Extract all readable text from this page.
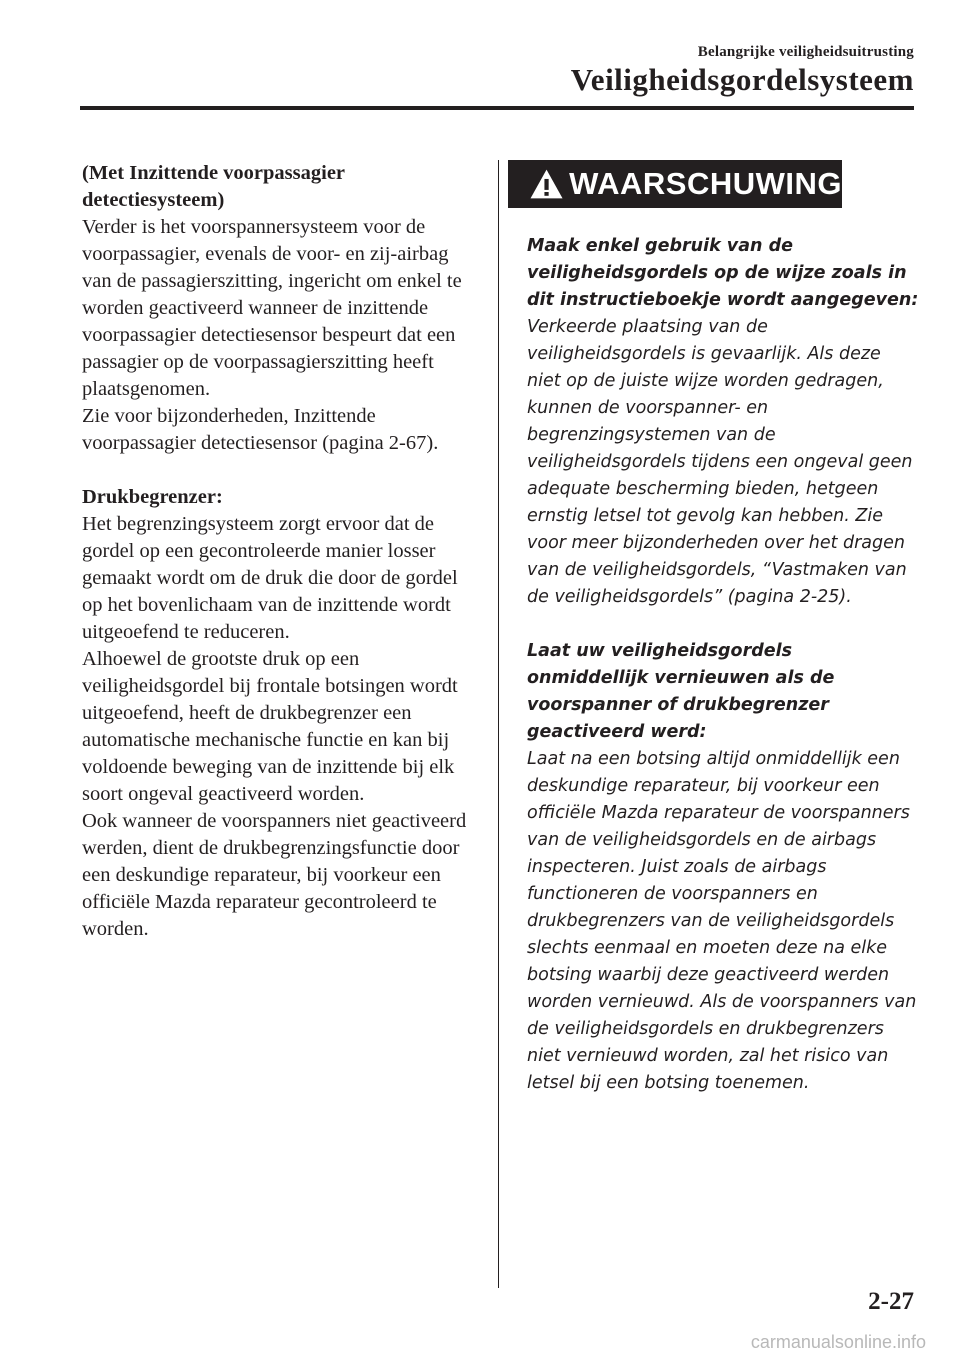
Belangrijke veiligheidsuitrusting
Veiligheidsgordelsysteem

(Met Inzittende voorpassagier detectiesysteem)

Verder is het voorspannersysteem voor de voorpassagier, evenals de voor- en zij-airbag van de passagierszitting, ingericht om enkel te worden geactiveerd wanneer de inzittende voorpassagier detectiesensor bespeurt dat een passagier op de voorpassagierszitting heeft plaatsgenomen.

Zie voor bijzonderheden, Inzittende voorpassagier detectiesensor (pagina 2-67).

Drukbegrenzer:

Het begrenzingsysteem zorgt ervoor dat de gordel op een gecontroleerde manier losser gemaakt wordt om de druk die door de gordel op het bovenlichaam van de inzittende wordt uitgeoefend te reduceren.

Alhoewel de grootste druk op een veiligheidsgordel bij frontale botsingen wordt uitgeoefend, heeft de drukbegrenzer een automatische mechanische functie en kan bij voldoende beweging van de inzittende bij elk soort ongeval geactiveerd worden.

Ook wanneer de voorspanners niet geactiveerd werden, dient de drukbegrenzingsfunctie door een deskundige reparateur, bij voorkeur een officiële Mazda reparateur gecontroleerd te worden.

WAARSCHUWING

Maak enkel gebruik van de veiligheidsgordels op de wijze zoals in dit instructieboekje wordt aangegeven:

Verkeerde plaatsing van de veiligheidsgordels is gevaarlijk. Als deze niet op de juiste wijze worden gedragen, kunnen de voorspanner- en begrenzingsystemen van de veiligheidsgordels tijdens een ongeval geen adequate bescherming bieden, hetgeen ernstig letsel tot gevolg kan hebben. Zie voor meer bijzonderheden over het dragen van de veiligheidsgordels, “Vastmaken van de veiligheidsgordels” (pagina 2-25).

Laat uw veiligheidsgordels onmiddellijk vernieuwen als de voorspanner of drukbegrenzer geactiveerd werd:

Laat na een botsing altijd onmiddellijk een deskundige reparateur, bij voorkeur een officiële Mazda reparateur de voorspanners van de veiligheidsgordels en de airbags inspecteren. Juist zoals de airbags functioneren de voorspanners en drukbegrenzers van de veiligheidsgordels slechts eenmaal en moeten deze na elke botsing waarbij deze geactiveerd werden worden vernieuwd. Als de voorspanners van de veiligheidsgordels en drukbegrenzers niet vernieuwd worden, zal het risico van letsel bij een botsing toenemen.

2-27
carmanualsonline.info
